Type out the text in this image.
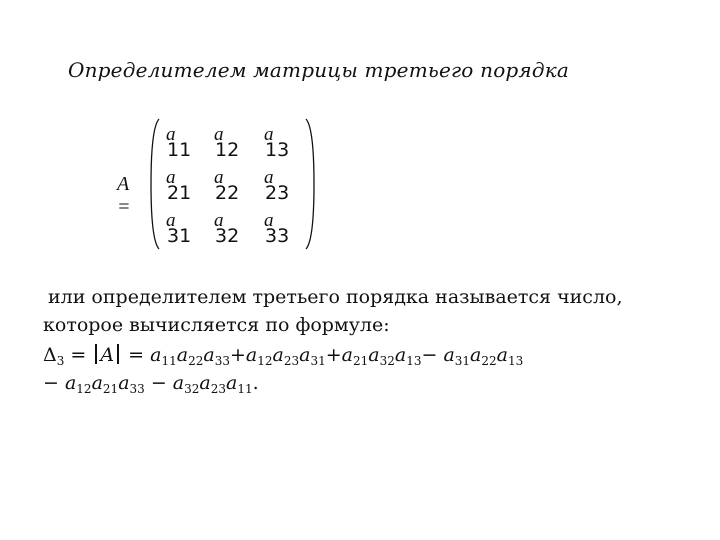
Определителем матрицы третьего порядка
A =
a
11
a
12
a
13
a
21
a
22
a
23
a
31
a
32
a
33
или определителем третьего порядка называется число,
которое вычисляется по формуле:
$\Delta_3 = A = a_{11}a_{22}a_{33}+a_{12}a_{23}a_{31}+a_{21}a_{32}a_{13}- a_{31}a_{22}a_{13}$
− $a_{12}a_{21}a_{33} - a_{32}a_{23}a_{11}$.
